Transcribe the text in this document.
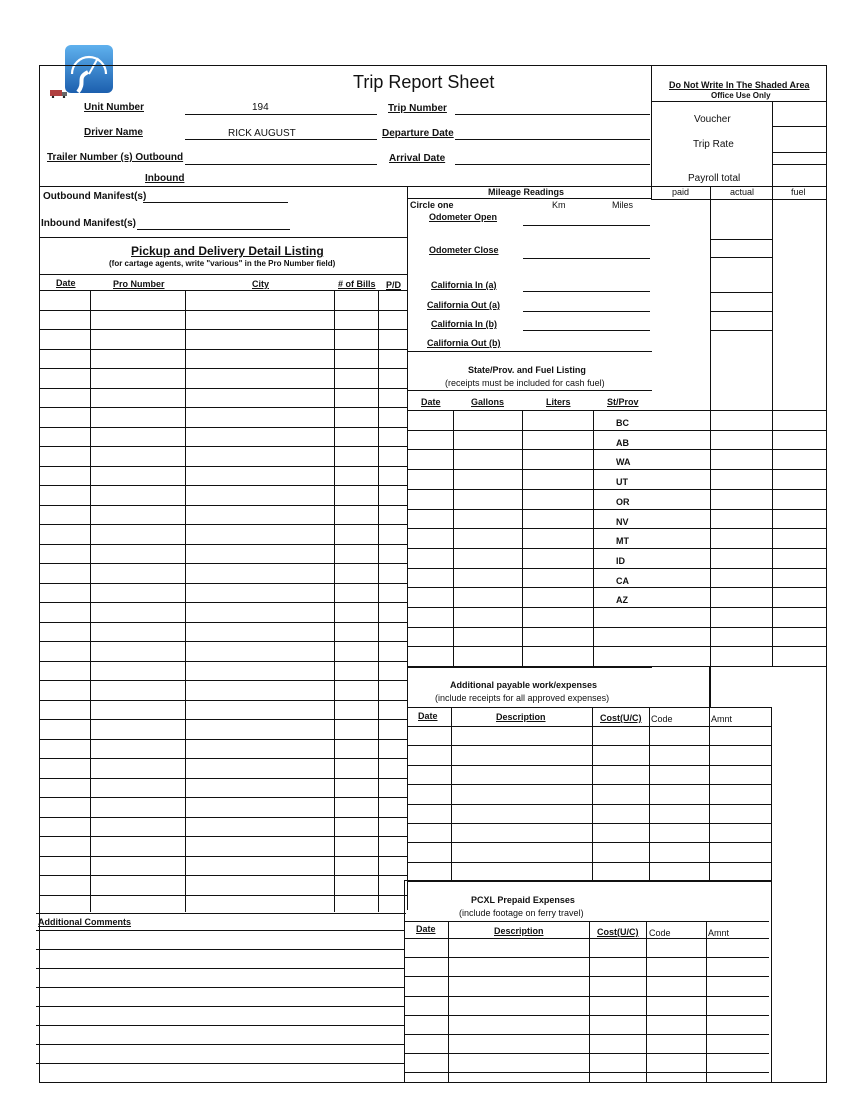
Trip Report Sheet
Unit Number	194	Trip Number
Driver Name	RICK AUGUST	Departure Date
Trailer Number (s) Outbound	Arrival Date
Inbound
Do Not Write In The Shaded Area
Office Use Only
Voucher
Trip Rate
Payroll total
Outbound Manifest(s)
Inbound Manifest(s)
Pickup and Delivery Detail Listing
(for cartage agents, write "various" in the Pro Number field)
Date	Pro Number	City	# of Bills P/D
Mileage Readings
Circle one	Km	Miles
Odometer Open
Odometer Close
California In (a)
California Out (a)
California In (b)
California Out (b)
State/Prov. and Fuel Listing
(receipts must be included for cash fuel)
Date	Gallons	Liters	St/Prov
BC
AB
WA
UT
OR
NV
MT
ID
CA
AZ
paid	actual	fuel
Additional payable work/expenses
(include receipts for all approved expenses)
Date	Description	Cost(U/C) Code	Amnt
Additional Comments
PCXL Prepaid Expenses
(include footage on ferry travel)
Date	Description	Cost(U/C) Code	Amnt
